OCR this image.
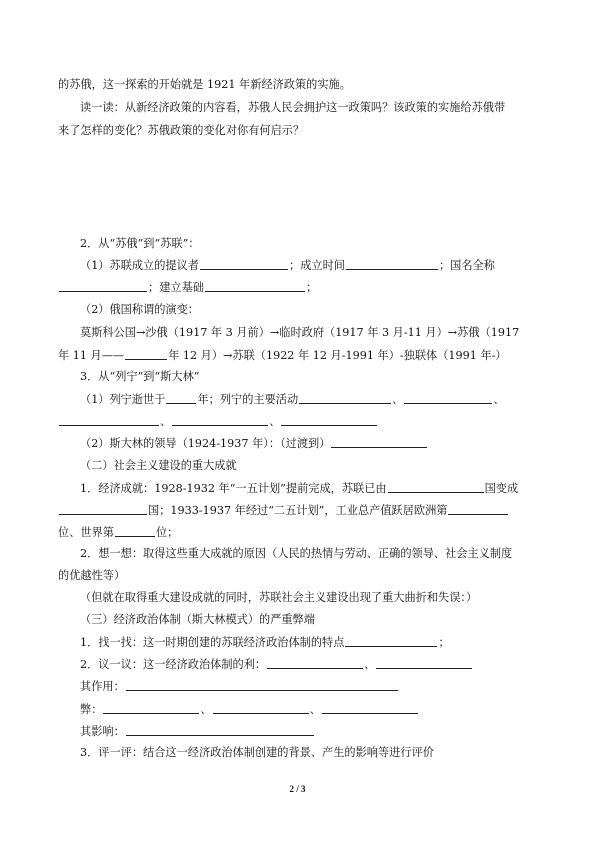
的苏俄，这一探索的开始就是 1921 年新经济政策的实施。
读一读：从新经济政策的内容看，苏俄人民会拥护这一政策吗？该政策的实施给苏俄带
来了怎样的变化？苏俄政策的变化对你有何启示？
2．从“苏俄”到“苏联”：
（1）苏联成立的提议者	；成立时间	；国名全称
；建立基础	；
（2）俄国称谓的演变：
莫斯科公国→沙俄（1917 年 3 月前）→临时政府（1917 年 3 月-11 月）→苏俄（1917
年 11 月——	年 12 月）→苏联（1922 年 12 月-1991 年）-独联体（1991 年-）
3．从“列宁”到“斯大林”
（1）列宁逝世于	年；列宁的主要活动	、	、
、	、
（2）斯大林的领导（1924-1937 年）：（过渡到）
（二）社会主义建设的重大成就
1．经济成就：1928-1932 年“一五计划”提前完成，苏联已由	国变成
国；1933-1937 年经过“二五计划”，工业总产值跃居欧洲第
位、世界第	位；
2．想一想：取得这些重大成就的原因（人民的热情与劳动、正确的领导、社会主义制度
的优越性等）
（但就在取得重大建设成就的同时，苏联社会主义建设出现了重大曲折和失误：）
（三）经济政治体制（斯大林模式）的严重弊端
1．找一找：这一时期创建的苏联经济政治体制的特点	；
2．议一议：这一经济政治体制的利：	、
其作用：
弊：	、	、
其影响：
3．评一评：结合这一经济政治体制创建的背景、产生的影响等进行评价
2 / 3
